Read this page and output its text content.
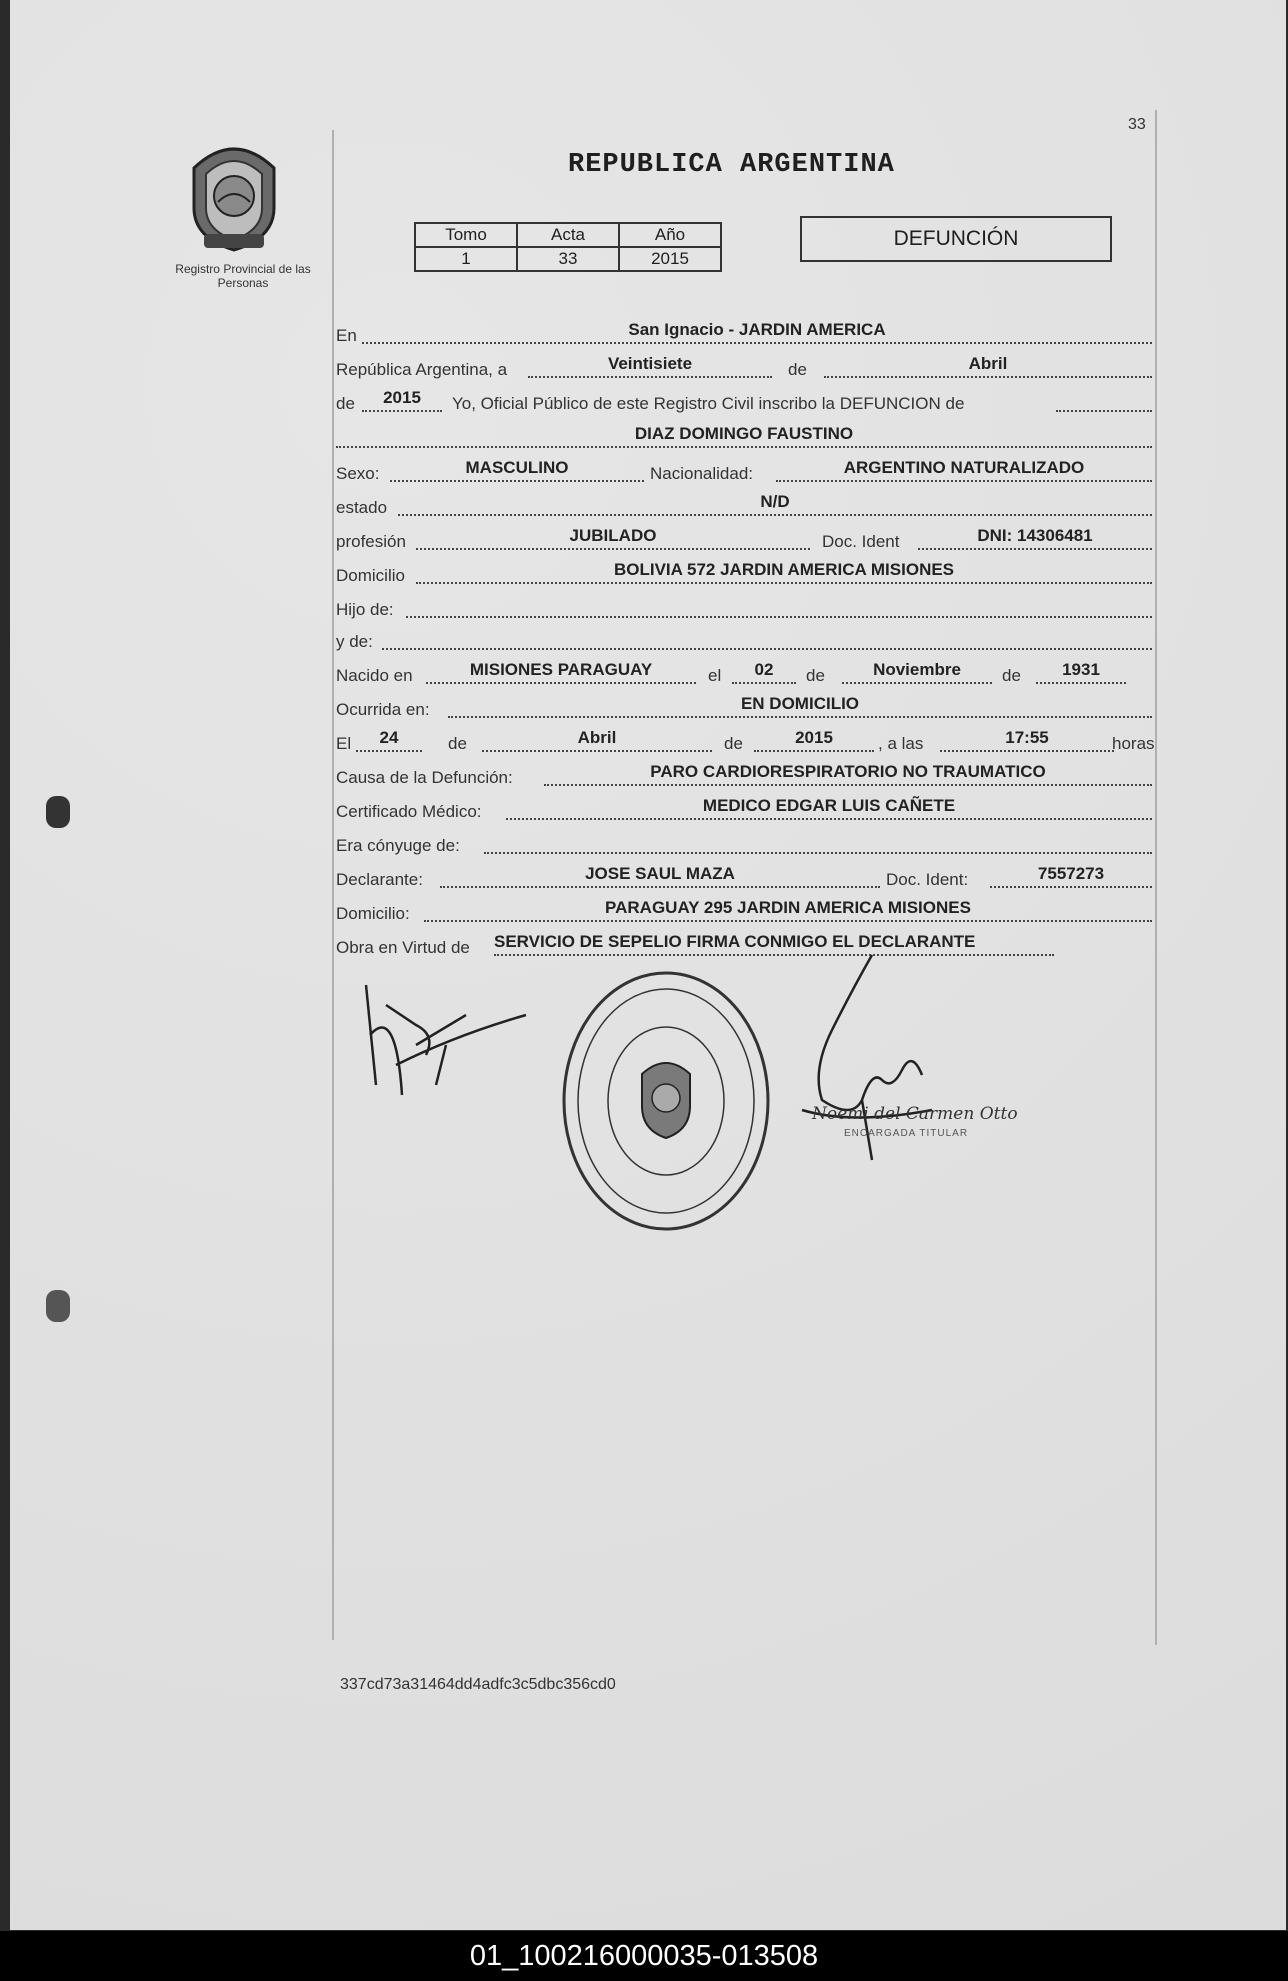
33
Registro Provincial de las Personas
REPUBLICA ARGENTINA
Tomo	Acta	Año
1	33	2015
DEFUNCIÓN
En	San Ignacio - JARDIN AMERICA
República Argentina, a	Veintisiete	de	Abril
de	2015	Yo, Oficial Público de este Registro Civil inscribo la DEFUNCION de
DIAZ DOMINGO FAUSTINO
Sexo:	MASCULINO	Nacionalidad:	ARGENTINO NATURALIZADO
estado	N/D
profesión	JUBILADO	Doc. Ident	DNI: 14306481
Domicilio	BOLIVIA 572 JARDIN AMERICA MISIONES
Hijo de:
y de:
Nacido en	MISIONES PARAGUAY	el	02	de	Noviembre	de	1931
Ocurrida en:	EN DOMICILIO
El	24	de	Abril	de	2015	, a las	17:55	horas
Causa de la Defunción:	PARO CARDIORESPIRATORIO NO TRAUMATICO
Certificado Médico:	MEDICO EDGAR LUIS CAÑETE
Era cónyuge de:
Declarante:	JOSE SAUL MAZA	Doc. Ident:	7557273
Domicilio:	PARAGUAY 295 JARDIN AMERICA MISIONES
Obra en Virtud de SERVICIO DE SEPELIO FIRMA CONMIGO EL DECLARANTE
Noemi del Carmen Otto
ENCARGADA TITULAR
337cd73a31464dd4adfc3c5dbc356cd0
01_100216000035-013508
